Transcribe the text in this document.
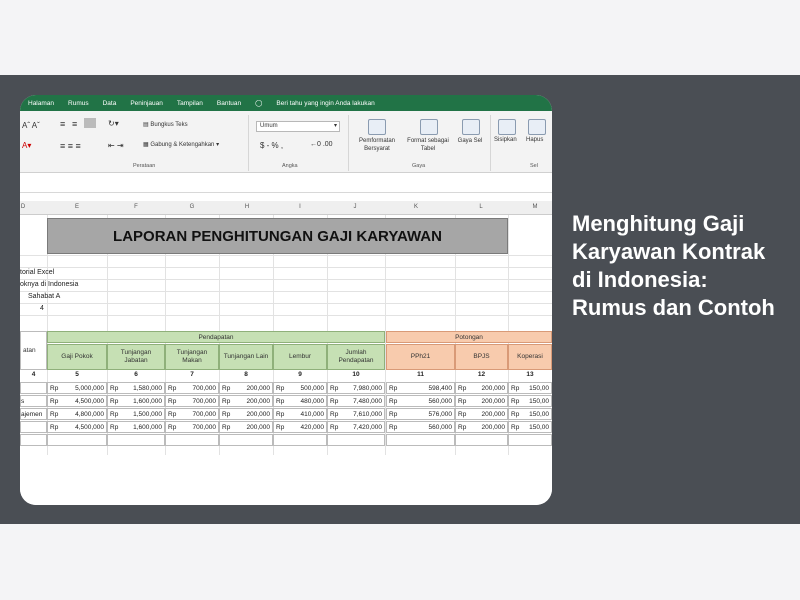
Halaman Rumus Data Peninjauan Tampilan Bantuan ◯ Beri tahu yang ingin Anda lakukan
Aˆ Aˇ ≡ ≡	↻▾	▤ Bungkus Teks
A▾	≡ ≡ ≡	⇤ ⇥	▦ Gabung & Ketengahkan ▾
Perataan
Umum	▾
$ - % ,	←0 .00
Angka
Pemformatan Bersyarat
Format sebagai Tabel
Gaya Sel
Gaya
Sisipkan Hapus
Sel
D	E	F	G	H	I	J	K	L	M
LAPORAN PENGHITUNGAN GAJI KARYAWAN
torial Excel
oknya di Indonesia
Sahabat A
4
atan
Pendapatan	Potongan
Gaji Pokok
Tunjangan Jabatan
Tunjangan Makan
Tunjangan Lain	Lembur
Jumlah Pendapatan
PPh21	BPJS	Koperasi
4	5	6	7	8	9	10	11	12	13
Rp	5,000,000 Rp 1,580,000 Rp 700,000 Rp 200,000 Rp 500,000 Rp 7,980,000 Rp	598,400 Rp 200,000 Rp 150,00
s	Rp	4,500,000 Rp 1,600,000 Rp 700,000 Rp 200,000 Rp 480,000 Rp 7,480,000 Rp	560,000 Rp 200,000 Rp 150,00
ajemen	Rp	4,800,000 Rp 1,500,000 Rp 700,000 Rp 200,000 Rp 410,000 Rp 7,610,000 Rp	576,000 Rp 200,000 Rp 150,00
Rp	4,500,000 Rp 1,600,000 Rp 700,000 Rp 200,000 Rp 420,000 Rp 7,420,000 Rp	560,000 Rp 200,000 Rp 150,00
Menghitung Gaji Karyawan Kontrak di Indonesia: Rumus dan Contoh
